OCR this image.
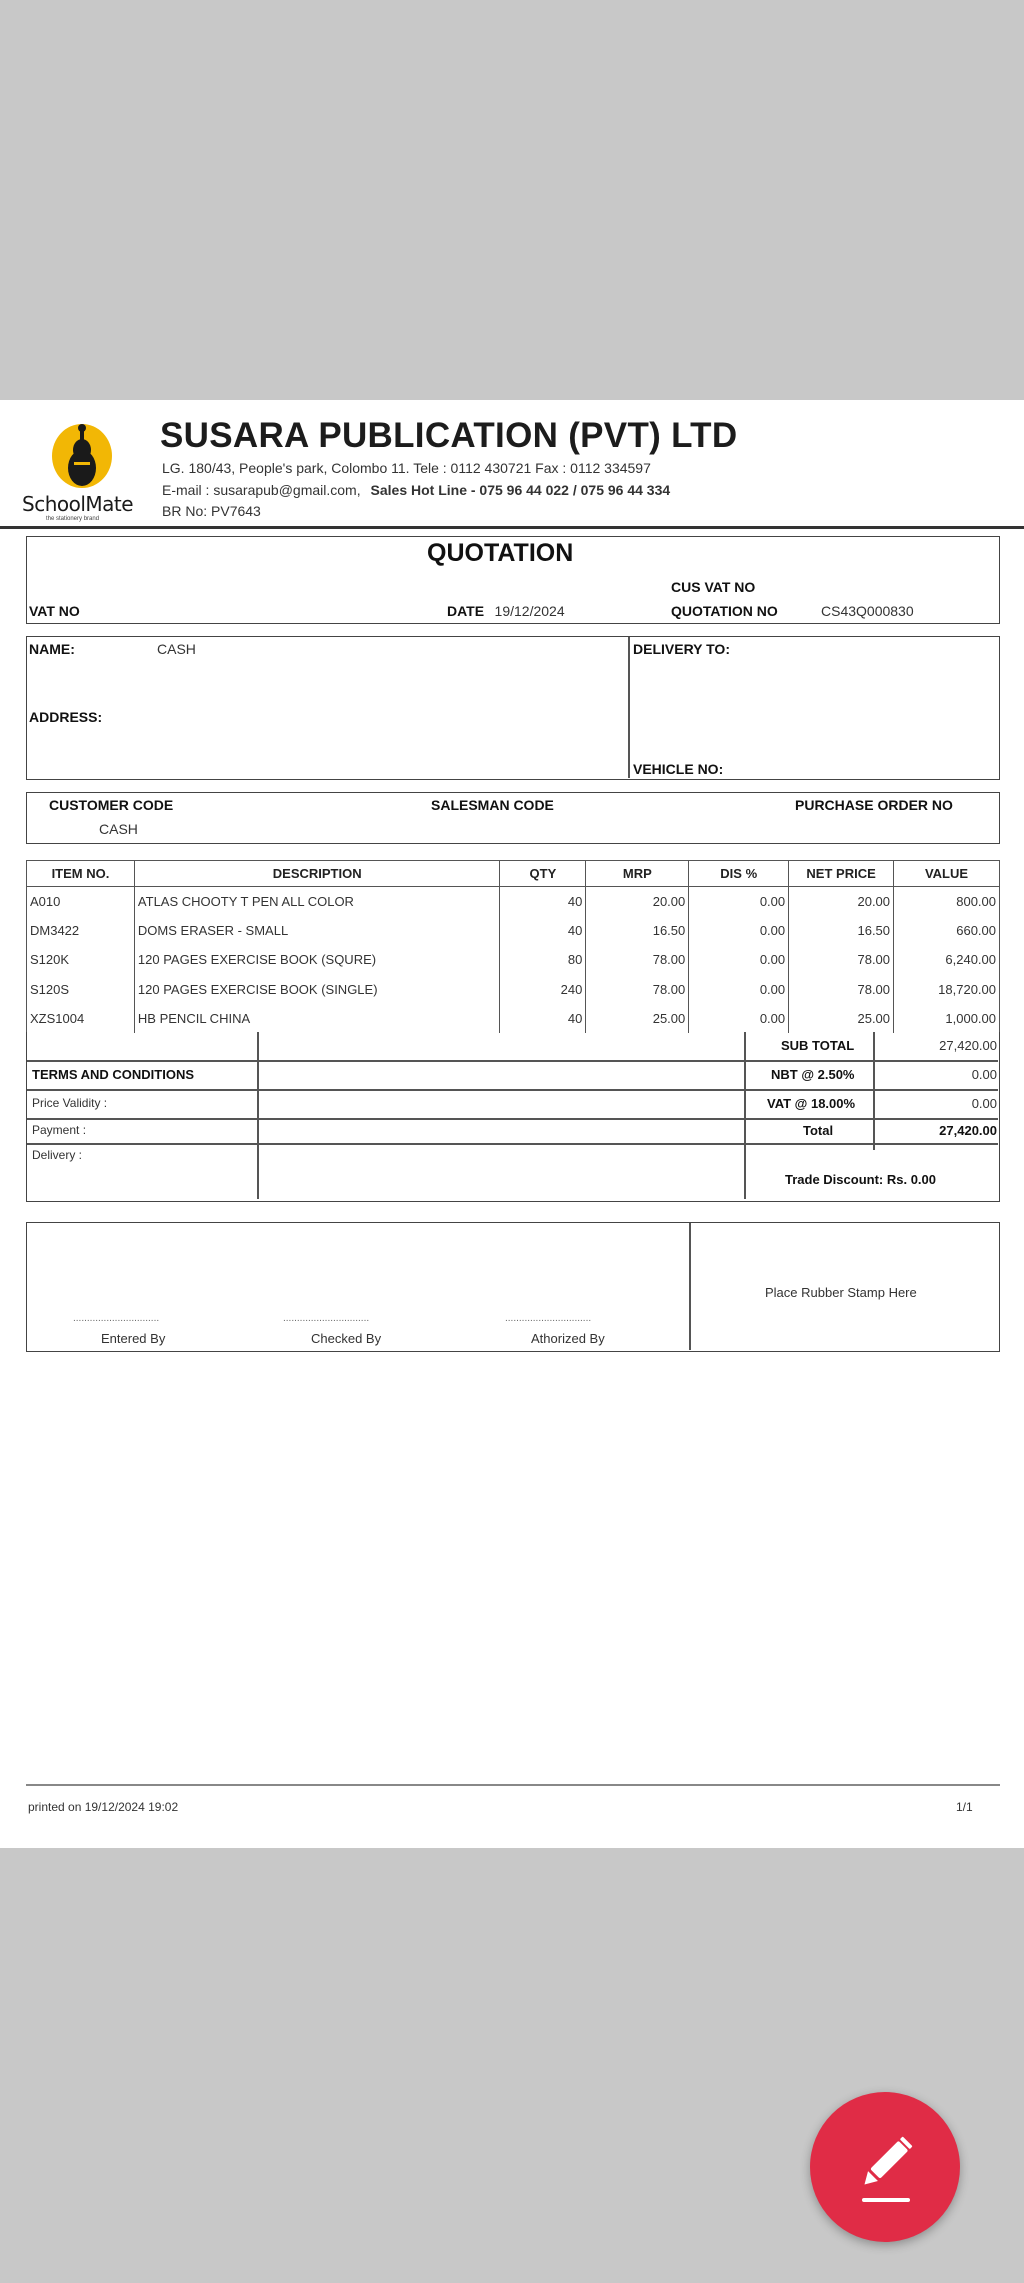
SchoolMate
the stationery brand
SUSARA PUBLICATION (PVT) LTD
LG. 180/43, People's park, Colombo 11. Tele : 0112 430721 Fax : 0112 334597
E-mail : susarapub@gmail.com, Sales Hot Line - 075 96 44 022 / 075 96 44 334
BR No: PV7643
QUOTATION
CUS VAT NO
VAT NO	DATE 19/12/2024	QUOTATION NO	CS43Q000830
NAME:	CASH
ADDRESS:
DELIVERY TO:
VEHICLE NO:
CUSTOMER CODE
CASH
SALESMAN CODE	PURCHASE ORDER NO
ITEM NO.	DESCRIPTION	QTY	MRP	DIS %	NET PRICE	VALUE
A010	ATLAS CHOOTY T PEN ALL COLOR	40	20.00	0.00	20.00	800.00
DM3422	DOMS ERASER - SMALL	40	16.50	0.00	16.50	660.00
S120K	120 PAGES EXERCISE BOOK (SQURE)	80	78.00	0.00	78.00	6,240.00
S120S	120 PAGES EXERCISE BOOK (SINGLE)	240	78.00	0.00	78.00	18,720.00
XZS1004	HB PENCIL CHINA	40	25.00	0.00	25.00	1,000.00
SUB TOTAL	27,420.00
TERMS AND CONDITIONS	NBT @ 2.50%	0.00
Price Validity :	VAT @ 18.00%	0.00
Payment :	Total	27,420.00
Delivery :
Trade Discount: Rs. 0.00
...............................
Entered By
...............................
Checked By
...............................
Athorized By
Place Rubber Stamp Here
printed on 19/12/2024 19:02	1/1
